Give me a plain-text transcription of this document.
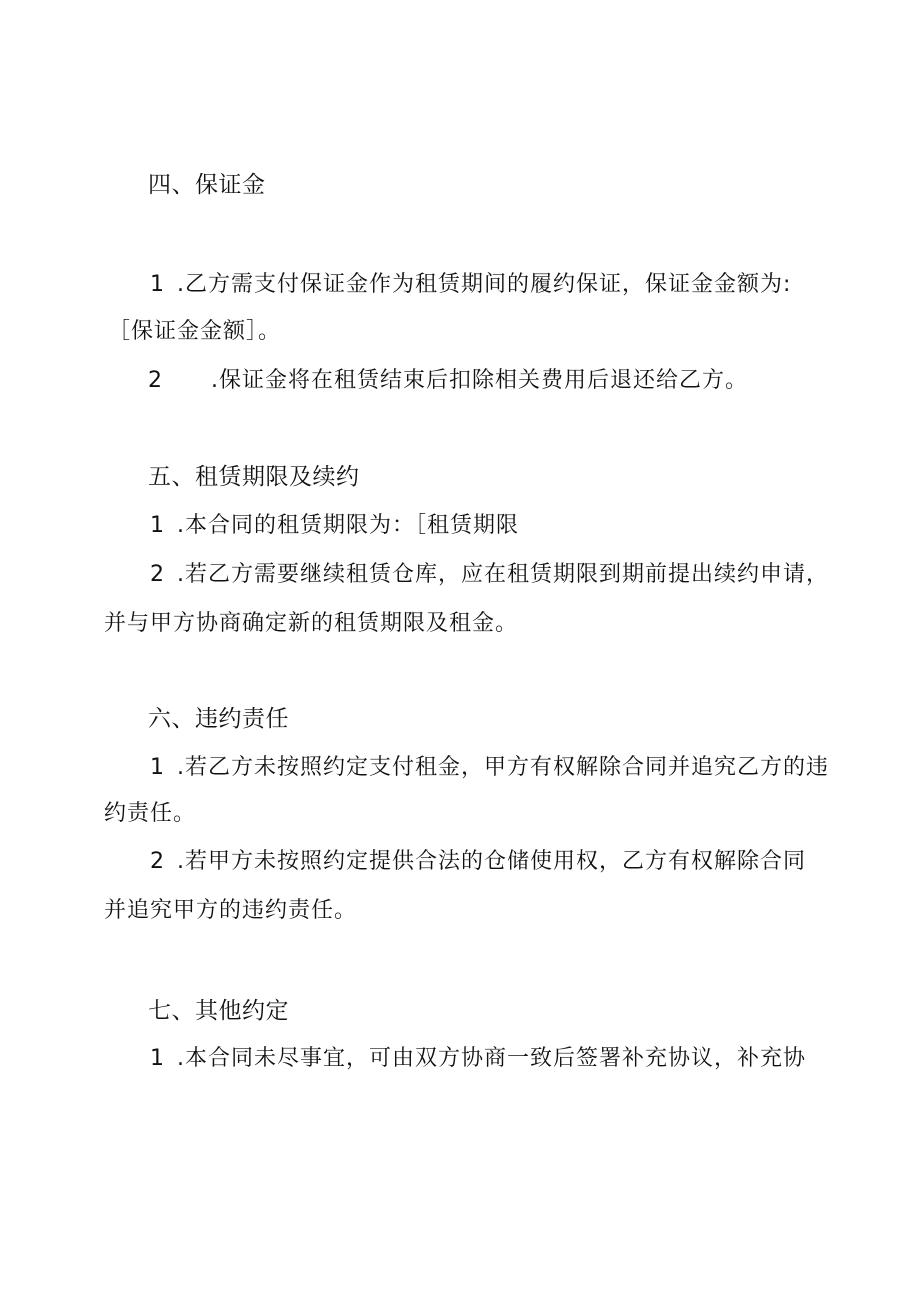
四、保证金
1 .乙方需支付保证金作为租赁期间的履约保证，保证金金额为:
［保证金金额］。
2 .保证金将在租赁结束后扣除相关费用后退还给乙方。
五、租赁期限及续约
1 .本合同的租赁期限为：［租赁期限
2 .若乙方需要继续租赁仓库，应在租赁期限到期前提出续约申请，
并与甲方协商确定新的租赁期限及租金。
六、违约责任
1 .若乙方未按照约定支付租金，甲方有权解除合同并追究乙方的违
约责任。
2 .若甲方未按照约定提供合法的仓储使用权，乙方有权解除合同
并追究甲方的违约责任。
七、其他约定
1 .本合同未尽事宜，可由双方协商一致后签署补充协议，补充协
